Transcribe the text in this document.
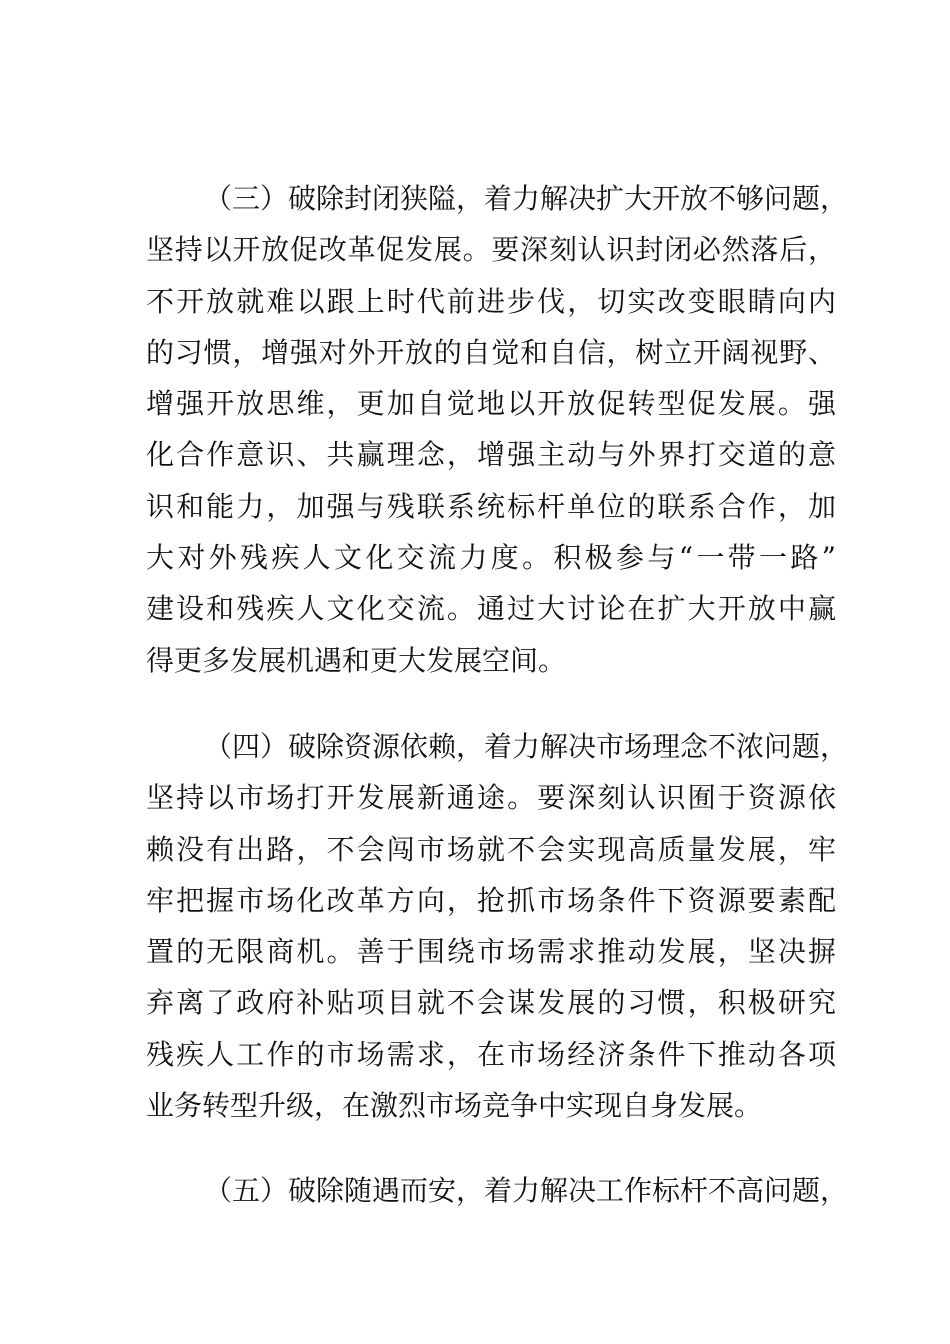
（三）破除封闭狭隘，着力解决扩大开放不够问题，
坚持以开放促改革促发展。要深刻认识封闭必然落后，
不开放就难以跟上时代前进步伐，切实改变眼睛向内
的习惯，增强对外开放的自觉和自信，树立开阔视野、
增强开放思维，更加自觉地以开放促转型促发展。强
化合作意识、共赢理念，增强主动与外界打交道的意
识和能力，加强与残联系统标杆单位的联系合作，加
大对外残疾人文化交流力度。积极参与“一带一路”
建设和残疾人文化交流。通过大讨论在扩大开放中赢
得更多发展机遇和更大发展空间。
（四）破除资源依赖，着力解决市场理念不浓问题，
坚持以市场打开发展新通途。要深刻认识囿于资源依
赖没有出路，不会闯市场就不会实现高质量发展，牢
牢把握市场化改革方向，抢抓市场条件下资源要素配
置的无限商机。善于围绕市场需求推动发展，坚决摒
弃离了政府补贴项目就不会谋发展的习惯，积极研究
残疾人工作的市场需求，在市场经济条件下推动各项
业务转型升级，在激烈市场竞争中实现自身发展。
（五）破除随遇而安，着力解决工作标杆不高问题，
